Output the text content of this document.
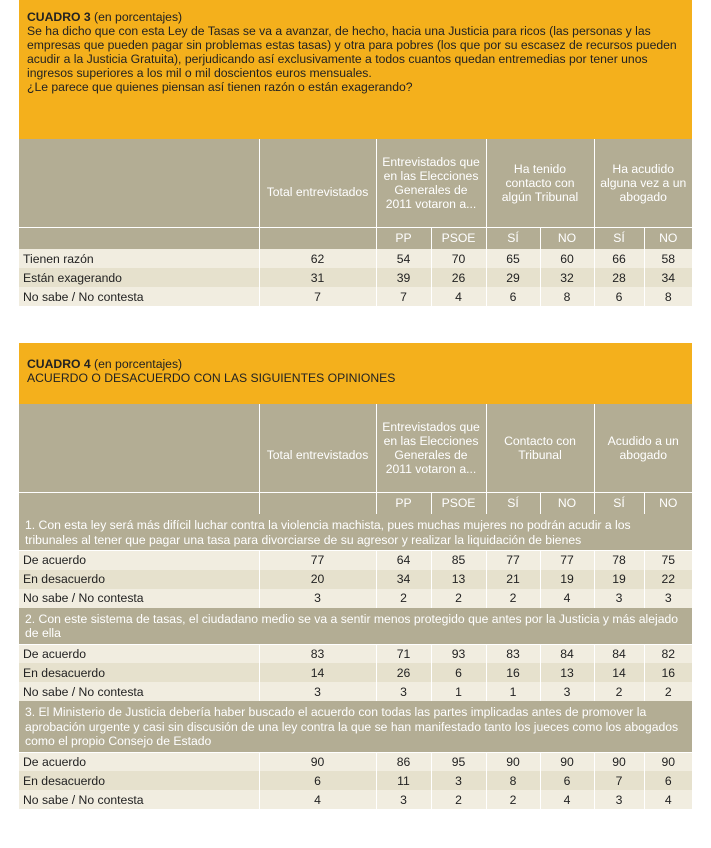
CUADRO 3 (en porcentajes)
Se ha dicho que con esta Ley de Tasas se va a avanzar, de hecho, hacia una Justicia para ricos (las personas y las empresas que pueden pagar sin problemas estas tasas) y otra para pobres (los que por su escasez de recursos pueden acudir a la Justicia Gratuita), perjudicando así exclusivamente a todos cuantos quedan entremedias por tener unos ingresos superiores a los mil o mil doscientos euros mensuales.
¿Le parece que quienes piensan así tienen razón o están exagerando?
	Total entrevistados	Entrevistados que en las Elecciones Generales de 2011 votaron a...		Ha tenido contacto con algún Tribunal		Ha acudido alguna vez a un abogado	
		PP	PSOE	SÍ	NO	SÍ	NO
Tienen razón	62	54	70	65	60	66	58
Están exagerando	31	39	26	29	32	28	34
No sabe / No contesta	7	7	4	6	8	6	8
CUADRO 4 (en porcentajes)
ACUERDO O DESACUERDO CON LAS SIGUIENTES OPINIONES
	Total entrevistados	Entrevistados que en las Elecciones Generales de 2011 votaron a...		Contacto con Tribunal		Acudido a un abogado	
		PP	PSOE	SÍ	NO	SÍ	NO
1. Con esta ley será más difícil luchar contra la violencia machista, pues muchas mujeres no podrán acudir a los tribunales al tener que pagar una tasa para divorciarse de su agresor y realizar la liquidación de bienes							
De acuerdo	77	64	85	77	77	78	75
En desacuerdo	20	34	13	21	19	19	22
No sabe / No contesta	3	2	2	2	4	3	3
2. Con este sistema de tasas, el ciudadano medio se va a sentir menos protegido que antes por la Justicia y más alejado de ella							
De acuerdo	83	71	93	83	84	84	82
En desacuerdo	14	26	6	16	13	14	16
No sabe / No contesta	3	3	1	1	3	2	2
3. El Ministerio de Justicia debería haber buscado el acuerdo con todas las partes implicadas antes de promover la aprobación urgente y casi sin discusión de una ley contra la que se han manifestado tanto los jueces como los abogados como el propio Consejo de Estado							
De acuerdo	90	86	95	90	90	90	90
En desacuerdo	6	11	3	8	6	7	6
No sabe / No contesta	4	3	2	2	4	3	4
